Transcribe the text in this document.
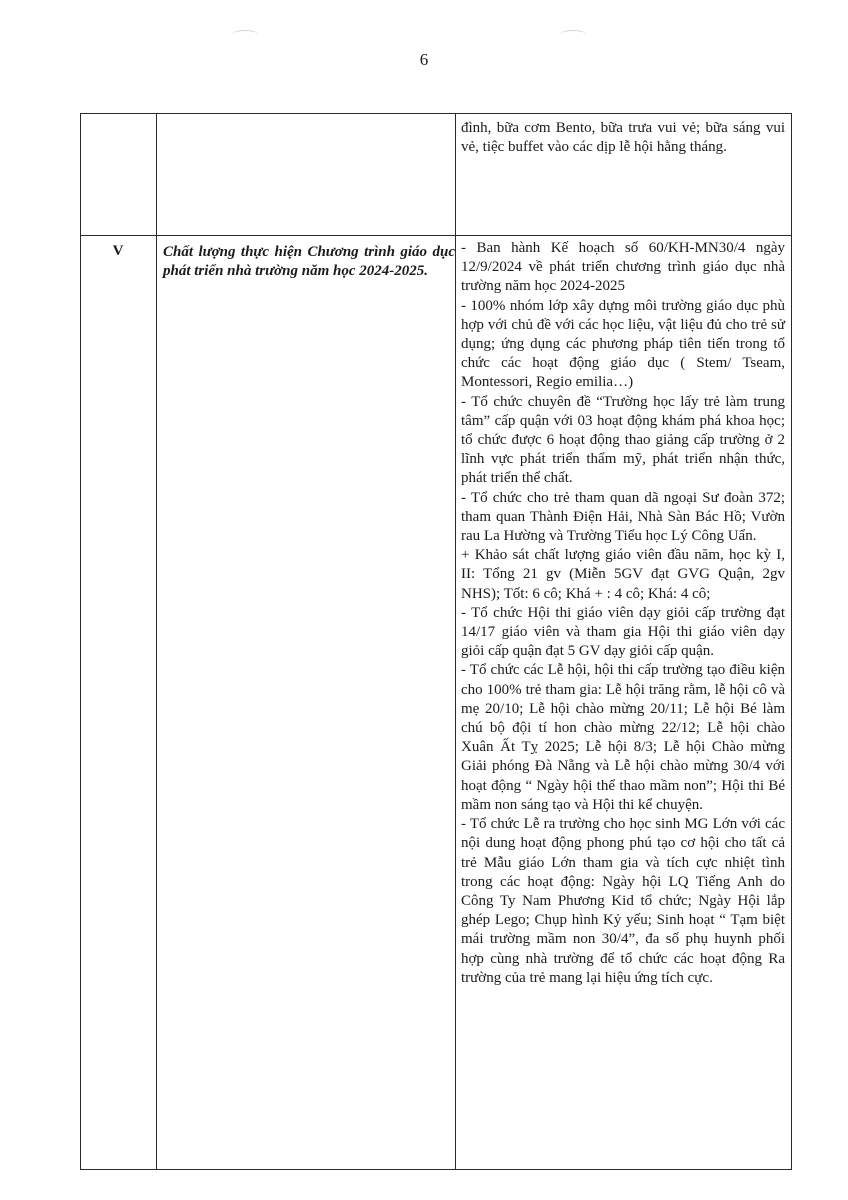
6
đình, bữa cơm Bento, bữa trưa vui vẻ; bữa sáng vui vẻ, tiệc buffet vào các dịp lễ hội hằng tháng.
V	Chất lượng thực hiện Chương trình giáo dục phát triển nhà trường năm học 2024-2025.

- Ban hành Kế hoạch số 60/KH-MN30/4 ngày 12/9/2024 về phát triển chương trình giáo dục nhà trường năm học 2024-2025

- 100% nhóm lớp xây dựng môi trường giáo dục phù hợp với chủ đề với các học liệu, vật liệu đủ cho trẻ sử dụng; ứng dụng các phương pháp tiên tiến trong tổ chức các hoạt động giáo dục ( Stem/ Tseam, Montessori, Regio emilia…)

- Tổ chức chuyên đề “Trường học lấy trẻ làm trung tâm” cấp quận với 03 hoạt động khám phá khoa học; tổ chức được 6 hoạt động thao giảng cấp trường ở 2 lĩnh vực phát triển thẩm mỹ, phát triển nhận thức, phát triển thể chất.

- Tổ chức cho trẻ tham quan dã ngoại Sư đoàn 372; tham quan Thành Điện Hải, Nhà Sàn Bác Hồ; Vườn rau La Hường và Trường Tiểu học Lý Công Uẩn.

+ Khảo sát chất lượng giáo viên đầu năm, học kỳ I, II: Tổng 21 gv (Miễn 5GV đạt GVG Quận, 2gv NHS); Tốt: 6 cô; Khá + : 4 cô; Khá: 4 cô;

- Tổ chức Hội thi giáo viên dạy giỏi cấp trường đạt 14/17 giáo viên và tham gia Hội thi giáo viên dạy giỏi cấp quận đạt 5 GV dạy giỏi cấp quận.

- Tổ chức các Lễ hội, hội thi cấp trường tạo điều kiện cho 100% trẻ tham gia: Lễ hội trăng rằm, lễ hội cô và mẹ 20/10; Lễ hội chào mừng 20/11; Lễ hội Bé làm chú bộ đội tí hon chào mừng 22/12; Lễ hội chào Xuân Ất Tỵ 2025; Lễ hội 8/3; Lễ hội Chào mừng Giải phóng Đà Nẵng và Lễ hội chào mừng 30/4 với hoạt động “ Ngày hội thể thao mầm non”; Hội thi Bé mầm non sáng tạo và Hội thi kể chuyện.

- Tổ chức Lễ ra trường cho học sinh MG Lớn với các nội dung hoạt động phong phú tạo cơ hội cho tất cả trẻ Mẫu giáo Lớn tham gia và tích cực nhiệt tình trong các hoạt động: Ngày hội LQ Tiếng Anh do Công Ty Nam Phương Kid tổ chức; Ngày Hội lắp ghép Lego; Chụp hình Kỷ yếu; Sinh hoạt “ Tạm biệt mái trường mầm non 30/4”, đa số phụ huynh phối hợp cùng nhà trường để tổ chức các hoạt động Ra trường của trẻ mang lại hiệu ứng tích cực.
